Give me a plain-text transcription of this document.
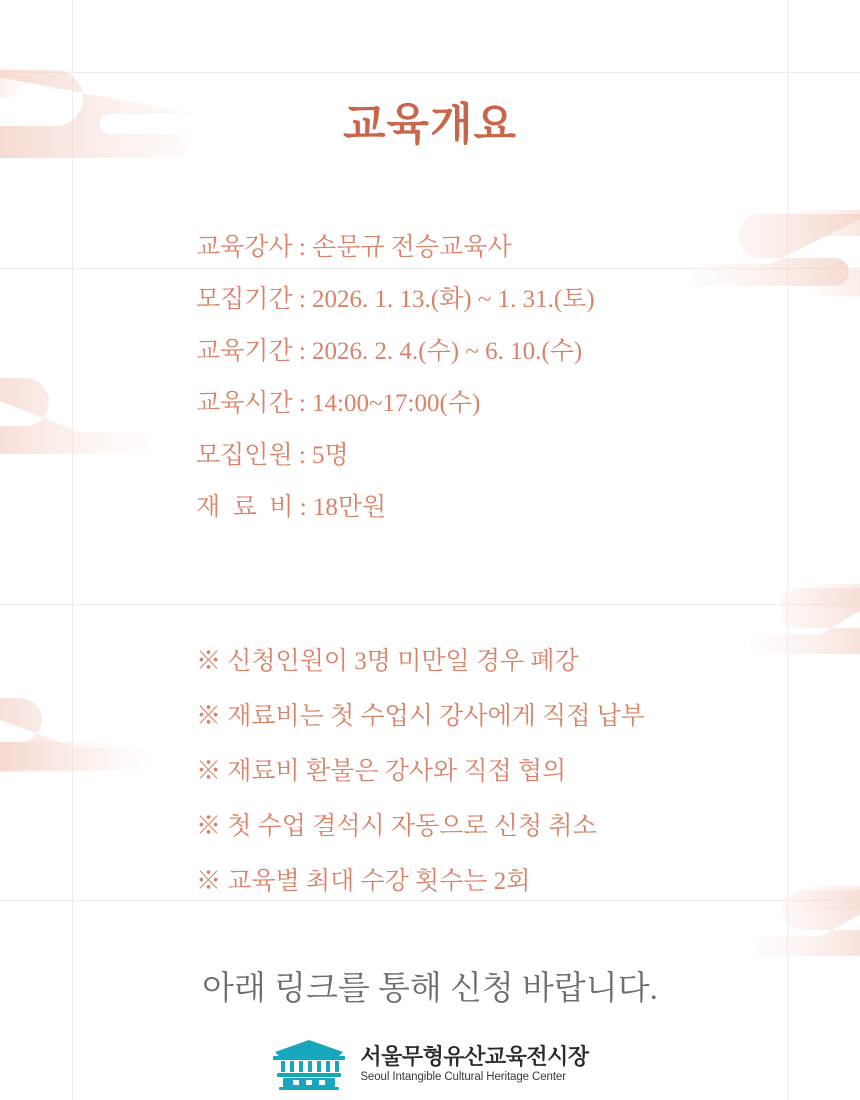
교육개요
교육강사 : 손문규 전승교육사
모집기간 : 2026. 1. 13.(화) ~ 1. 31.(토)
교육기간 : 2026. 2. 4.(수) ~ 6. 10.(수)
교육시간 : 14:00~17:00(수)
모집인원 : 5명
재  료  비 : 18만원
※ 신청인원이 3명 미만일 경우 폐강
※ 재료비는 첫 수업시 강사에게 직접 납부
※ 재료비 환불은 강사와 직접 협의
※ 첫 수업 결석시 자동으로 신청 취소
※ 교육별 최대 수강 횟수는 2회
아래 링크를 통해 신청 바랍니다.
서울무형유산교육전시장
Seoul Intangible Cultural Heritage Center
